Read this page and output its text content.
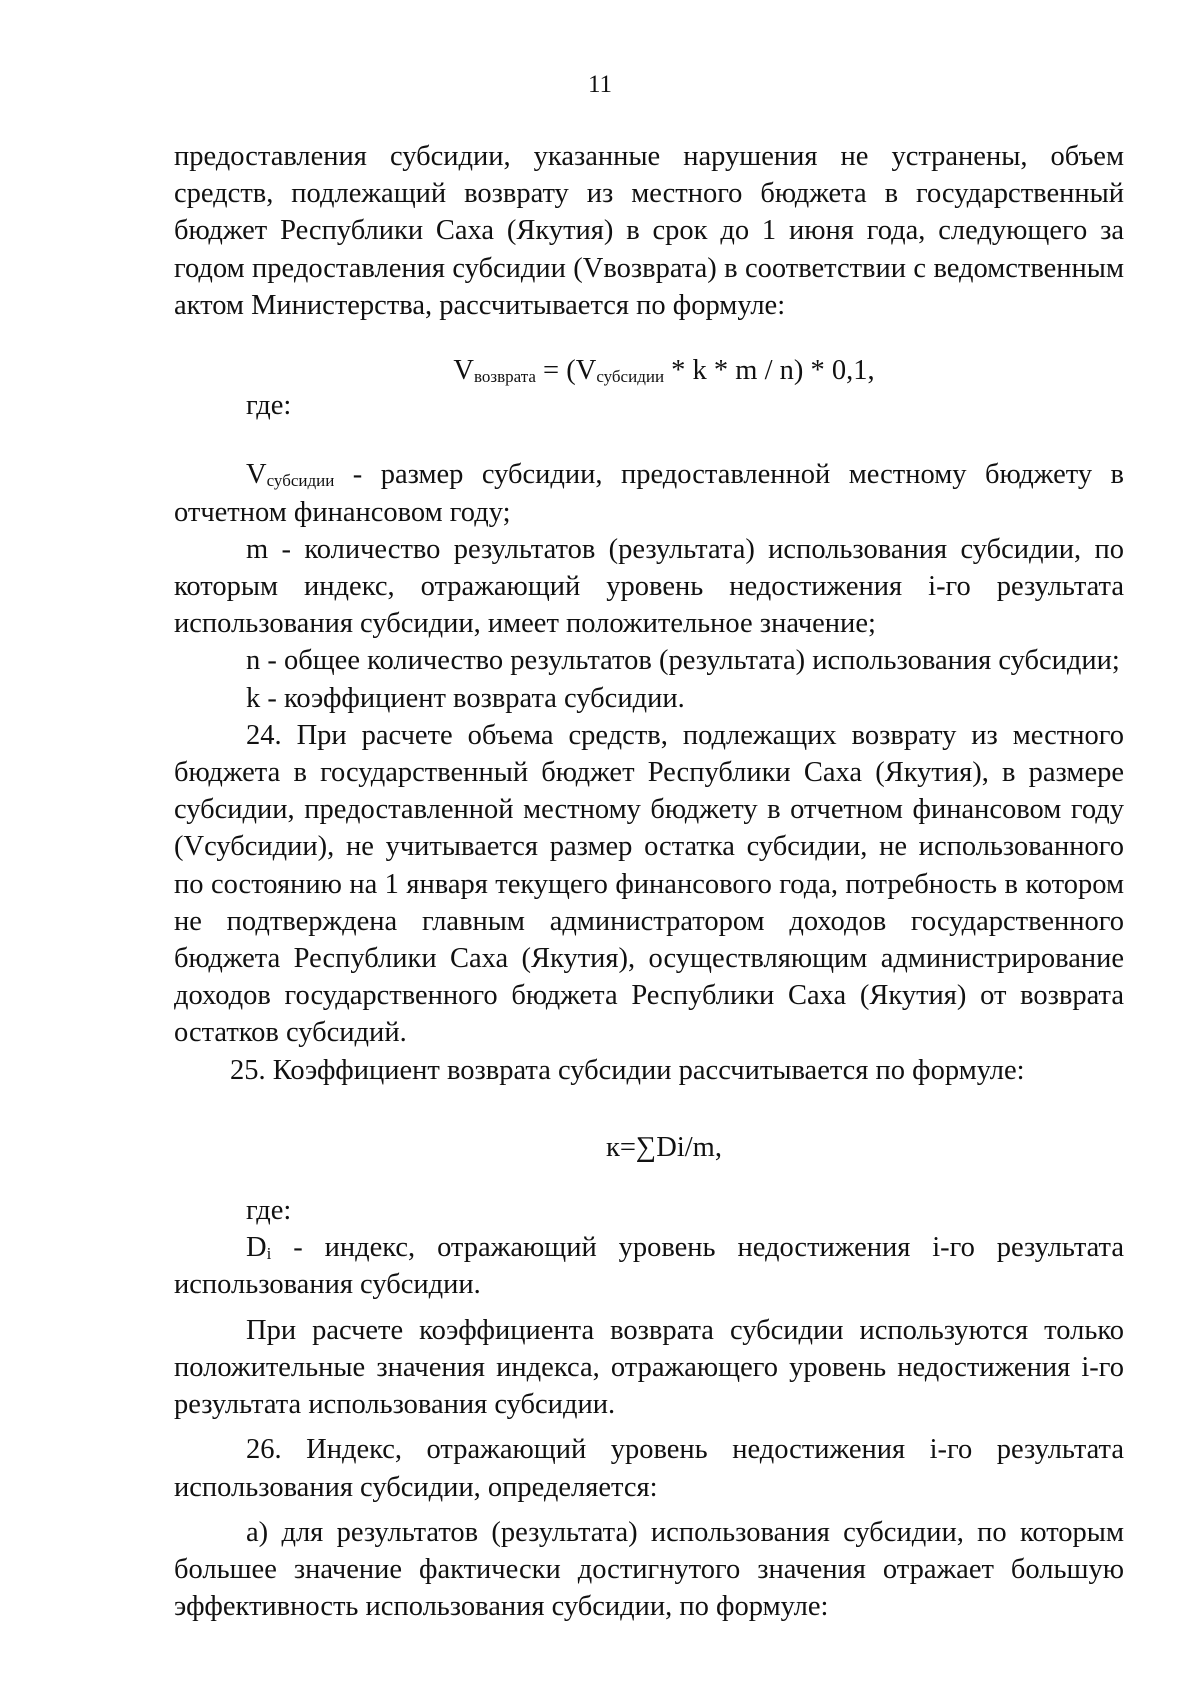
11

предоставления субсидии, указанные нарушения не устранены, объем средств, подлежащий возврату из местного бюджета в государственный бюджет Республики Саха (Якутия) в срок до 1 июня года, следующего за годом предоставления субсидии (Vвозврата) в соответствии с ведомственным актом Министерства, рассчитывается по формуле:

$V_{возврата} = (V_{субсидии} * k * m / n) * 0,1$,

где:

$V_{субсидии}$ - размер субсидии, предоставленной местному бюджету в отчетном финансовом году;

m - количество результатов (результата) использования субсидии, по которым индекс, отражающий уровень недостижения i-го результата использования субсидии, имеет положительное значение;

n - общее количество результатов (результата) использования субсидии;

k - коэффициент возврата субсидии.

24. При расчете объема средств, подлежащих возврату из местного бюджета в государственный бюджет Республики Саха (Якутия), в размере субсидии, предоставленной местному бюджету в отчетном финансовом году (Vсубсидии), не учитывается размер остатка субсидии, не использованного по состоянию на 1 января текущего финансового года, потребность в котором не подтверждена главным администратором доходов государственного бюджета Республики Саха (Якутия), осуществляющим администрирование доходов государственного бюджета Республики Саха (Якутия) от возврата остатков субсидий.

25. Коэффициент возврата субсидии рассчитывается по формуле:

к=∑Di/m,

где:

$D_i$ - индекс, отражающий уровень недостижения i-го результата использования субсидии.

При расчете коэффициента возврата субсидии используются только положительные значения индекса, отражающего уровень недостижения i-го результата использования субсидии.

26. Индекс, отражающий уровень недостижения i-го результата использования субсидии, определяется:

а) для результатов (результата) использования субсидии, по которым большее значение фактически достигнутого значения отражает большую эффективность использования субсидии, по формуле:
